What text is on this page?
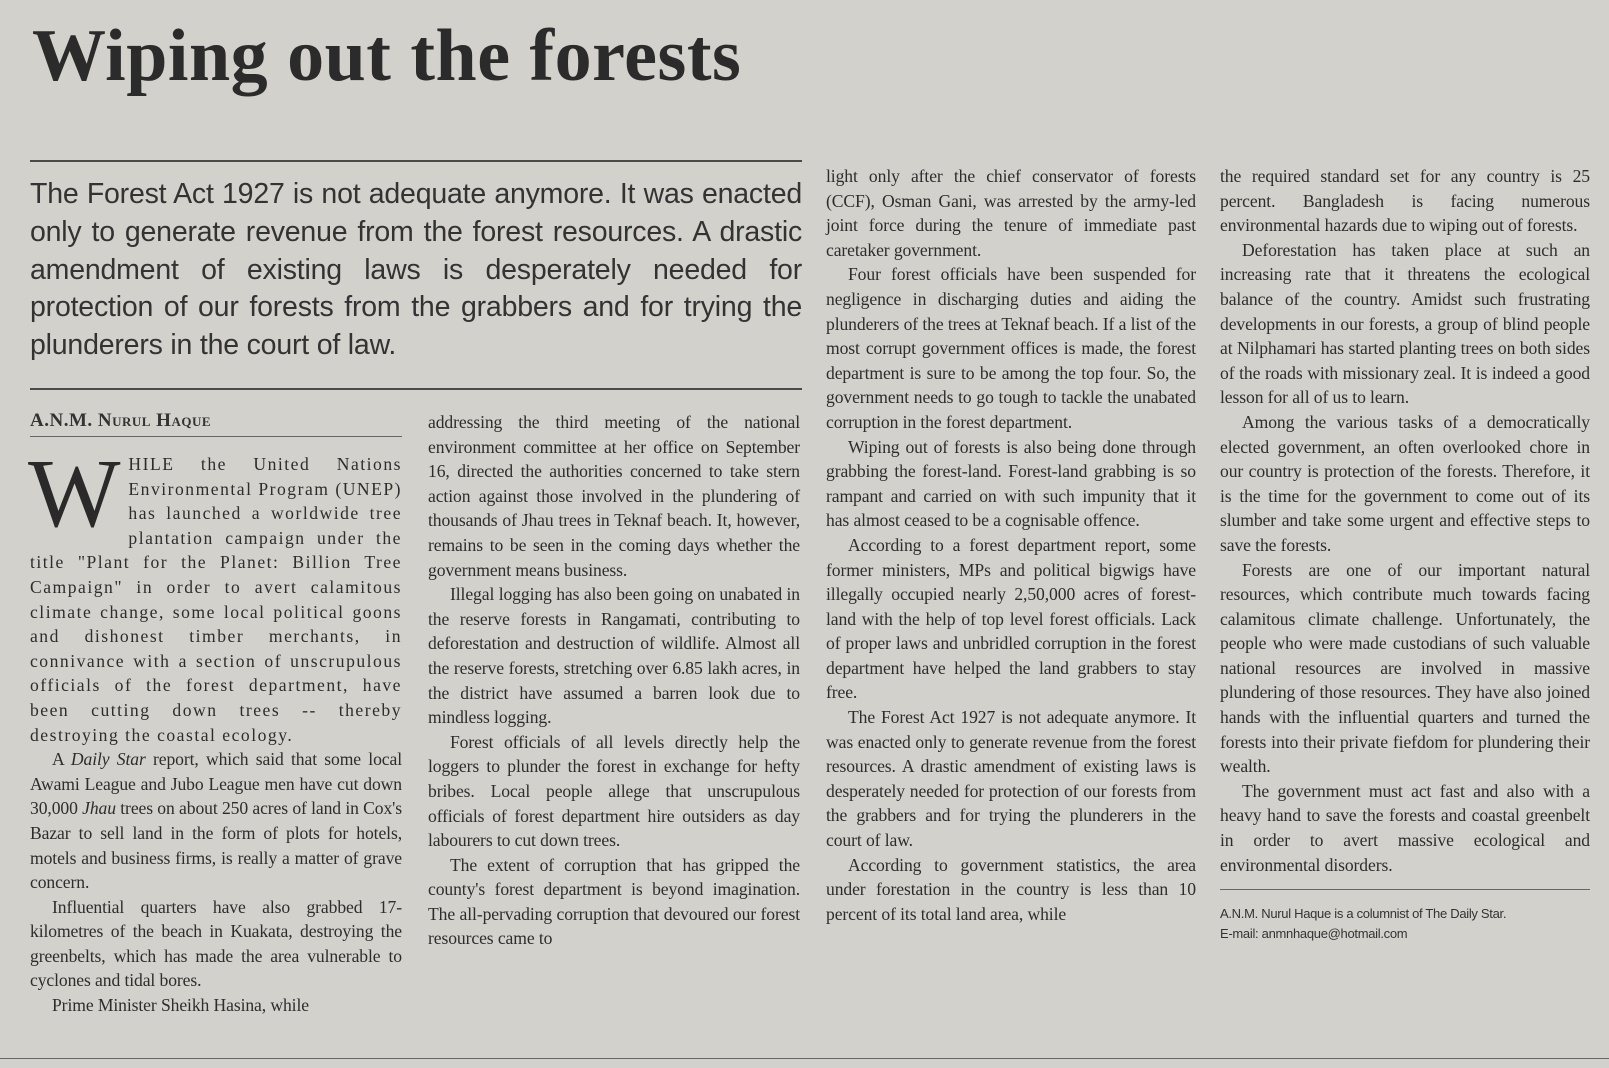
Wiping out the forests

The Forest Act 1927 is not adequate anymore. It was enacted only to generate revenue from the forest resources. A drastic amendment of existing laws is desperately needed for protection of our forests from the grabbers and for trying the plunderers in the court of law.

A.N.M. Nurul Haque

WHILE the United Nations Environmental Program (UNEP) has launched a worldwide tree plantation campaign under the title "Plant for the Planet: Billion Tree Campaign" in order to avert calamitous climate change, some local political goons and dishonest timber merchants, in connivance with a section of unscrupulous officials of the forest department, have been cutting down trees -- thereby destroying the coastal ecology.

A Daily Star report, which said that some local Awami League and Jubo League men have cut down 30,000 Jhau trees on about 250 acres of land in Cox's Bazar to sell land in the form of plots for hotels, motels and business firms, is really a matter of grave concern.

Influential quarters have also grabbed 17-kilometres of the beach in Kuakata, destroying the greenbelts, which has made the area vulnerable to cyclones and tidal bores.

Prime Minister Sheikh Hasina, while

addressing the third meeting of the national environment committee at her office on September 16, directed the authorities concerned to take stern action against those involved in the plundering of thousands of Jhau trees in Teknaf beach. It, however, remains to be seen in the coming days whether the government means business.

Illegal logging has also been going on unabated in the reserve forests in Rangamati, contributing to deforestation and destruction of wildlife. Almost all the reserve forests, stretching over 6.85 lakh acres, in the district have assumed a barren look due to mindless logging.

Forest officials of all levels directly help the loggers to plunder the forest in exchange for hefty bribes. Local people allege that unscrupulous officials of forest department hire outsiders as day labourers to cut down trees.

The extent of corruption that has gripped the county's forest department is beyond imagination. The all-pervading corruption that devoured our forest resources came to

light only after the chief conservator of forests (CCF), Osman Gani, was arrested by the army-led joint force during the tenure of immediate past caretaker government.

Four forest officials have been suspended for negligence in discharging duties and aiding the plunderers of the trees at Teknaf beach. If a list of the most corrupt government offices is made, the forest department is sure to be among the top four. So, the government needs to go tough to tackle the unabated corruption in the forest department.

Wiping out of forests is also being done through grabbing the forest-land. Forest-land grabbing is so rampant and carried on with such impunity that it has almost ceased to be a cognisable offence.

According to a forest department report, some former ministers, MPs and political bigwigs have illegally occupied nearly 2,50,000 acres of forest-land with the help of top level forest officials. Lack of proper laws and unbridled corruption in the forest department have helped the land grabbers to stay free.

The Forest Act 1927 is not adequate anymore. It was enacted only to generate revenue from the forest resources. A drastic amendment of existing laws is desperately needed for protection of our forests from the grabbers and for trying the plunderers in the court of law.

According to government statistics, the area under forestation in the country is less than 10 percent of its total land area, while

the required standard set for any country is 25 percent. Bangladesh is facing numerous environmental hazards due to wiping out of forests.

Deforestation has taken place at such an increasing rate that it threatens the ecological balance of the country. Amidst such frustrating developments in our forests, a group of blind people at Nilphamari has started planting trees on both sides of the roads with missionary zeal. It is indeed a good lesson for all of us to learn.

Among the various tasks of a democratically elected government, an often overlooked chore in our country is protection of the forests. Therefore, it is the time for the government to come out of its slumber and take some urgent and effective steps to save the forests.

Forests are one of our important natural resources, which contribute much towards facing calamitous climate challenge. Unfortunately, the people who were made custodians of such valuable national resources are involved in massive plundering of those resources. They have also joined hands with the influential quarters and turned the forests into their private fiefdom for plundering their wealth.

The government must act fast and also with a heavy hand to save the forests and coastal greenbelt in order to avert massive ecological and environmental disorders.

A.N.M. Nurul Haque is a columnist of The Daily Star.
E-mail: anmnhaque@hotmail.com
